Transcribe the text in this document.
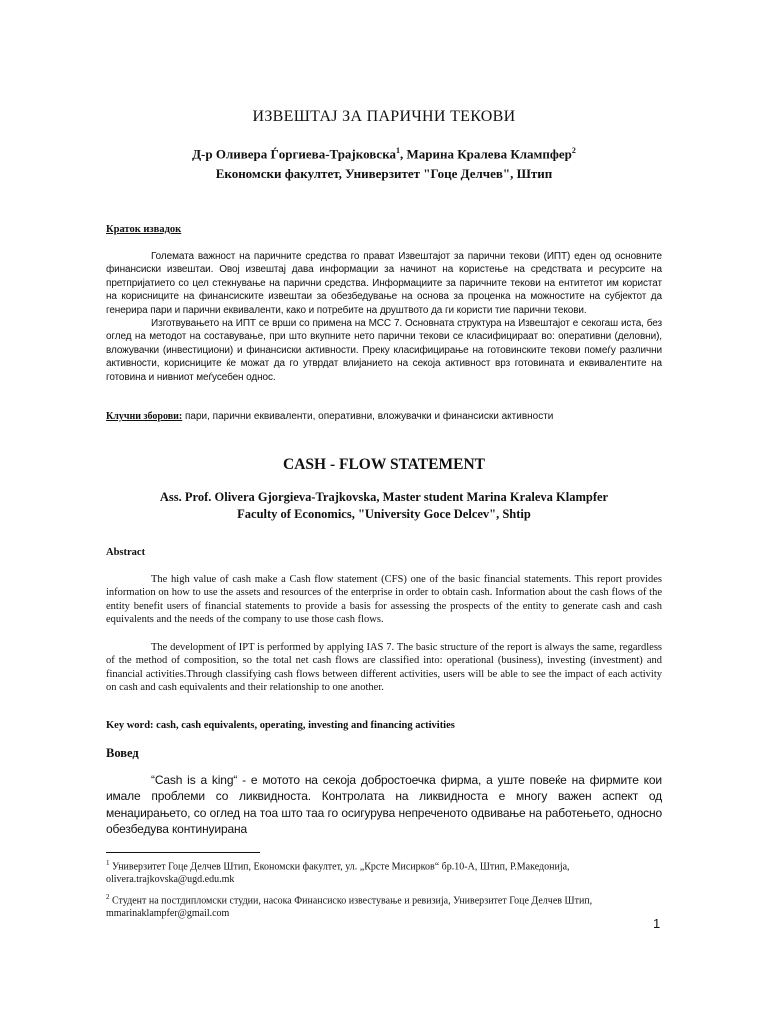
ИЗВЕШТАЈ ЗА ПАРИЧНИ ТЕКОВИ
Д-р Оливера Ѓоргиева-Трајковска$^1$, Марина Кралева Клампфер$^2$
Економски факултет, Универзитет "Гоце Делчев", Штип
Краток извадок

Големата важност на паричните средства го прават Извештајот за парични текови (ИПТ) еден од основните финансиски извештаи. Овој извештај дава информации за начинот на користење на средствата и ресурсите на претпријатието со цел стекнување на парични средства. Информациите за паричните текови на ентитетот им користат на корисниците на финансиските извештаи за обезбедување на основа за проценка на можностите на субјектот да генерира пари и парични еквиваленти, како и потребите на друштвото да ги користи тие парични текови.

Изготвувањето на ИПТ се врши со примена на МСС 7. Основната структура на Извештајот е секогаш иста, без оглед на методот на составување, при што вкупните нето парични текови се класифицираат во: оперативни (деловни), вложувачки (инвестициони) и финансиски активности. Преку класифицирање на готовинските текови помеѓу различни активности, корисниците ќе можат да го утврдат влијанието на секоја активност врз готовината и еквивалентите на готовина и нивниот меѓусебен однос.

Клучни зборови: пари, парични еквиваленти, оперативни, вложувачки и финансиски активности
CASH - FLOW STATEMENT
Ass. Prof. Olivera Gjorgieva-Trajkovska, Master student Marina Kraleva Klampfer
Faculty of Economics, "University Goce Delcev", Shtip
Abstract

The high value of cash make a Cash flow statement (CFS) one of the basic financial statements. This report provides information on how to use the assets and resources of the enterprise in order to obtain cash. Information about the cash flows of the entity benefit users of financial statements to provide a basis for assessing the prospects of the entity to generate cash and cash equivalents and the needs of the company to use those cash flows.

The development of IPT is performed by applying IAS 7. The basic structure of the report is always the same, regardless of the method of composition, so the total net cash flows are classified into: operational (business), investing (investment) and financial activities.Through classifying cash flows between different activities, users will be able to see the impact of each activity on cash and cash equivalents and their relationship to one another.

Key word: cash, cash equivalents, operating, investing and financing activities
Вовед

“Cash is a king“ - е мотото на секоја добростоечка фирма, а уште повеќе на фирмите кои имале проблеми со ликвидноста. Контролата на ликвидноста е многу важен аспект од менаџирањето, со оглед на тоа што таа го осигурува непреченото одвивање на работењето, односно обезбедува континуирана

$^1$ Универзитет Гоце Делчев Штип, Економски факултет, ул. „Крсте Мисирков“ бр.10-А, Штип, Р.Македонија, olivera.trajkovska@ugd.edu.mk

$^2$ Студент на постдипломски студии, насока Финансиско известување и ревизија, Универзитет Гоце Делчев Штип, mmarinaklampfer@gmail.com

1
